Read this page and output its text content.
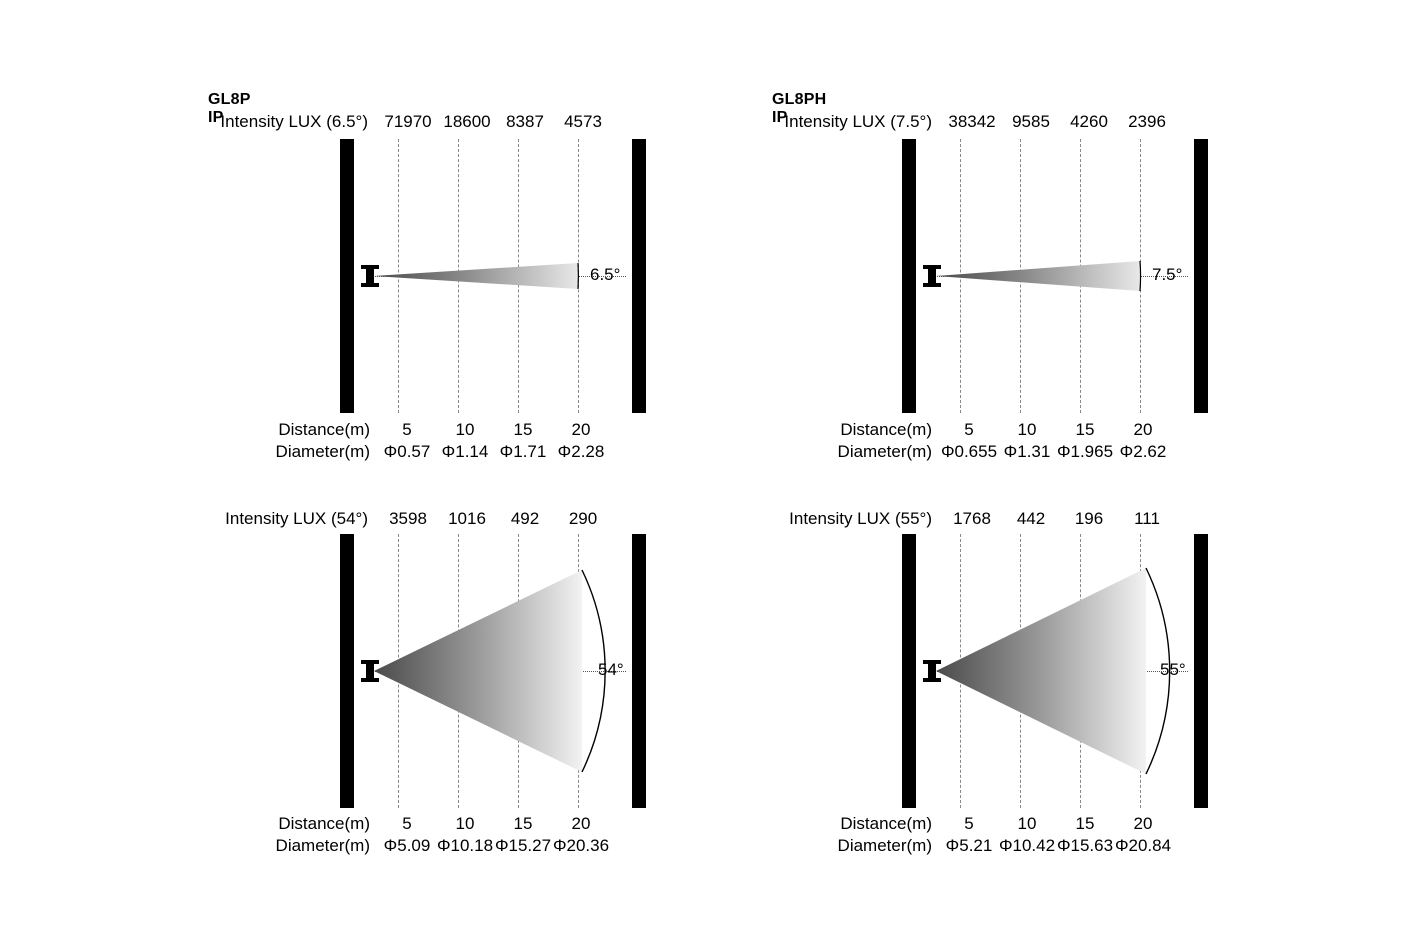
GL8P IP
Intensity LUX (6.5°) 71970 18600 8387	4573
6.5°
Distance(m)	5	10	15	20
Diameter(m) Φ0.57 Φ1.14 Φ1.71 Φ2.28
GL8PH IP
Intensity LUX (7.5°) 38342 9585	4260	2396
7.5°
Distance(m)	5	10	15	20
Diameter(m) Φ0.655 Φ1.31 Φ1.965 Φ2.62
Intensity LUX (54°)	3598	1016	492	290
54°
Distance(m)	5	10	15	20
Diameter(m) Φ5.09 Φ10.18 Φ15.27 Φ20.36
Intensity LUX (55°)	1768	442	196	111
55°
Distance(m)	5	10	15	20
Diameter(m) Φ5.21 Φ10.42 Φ15.63 Φ20.84
